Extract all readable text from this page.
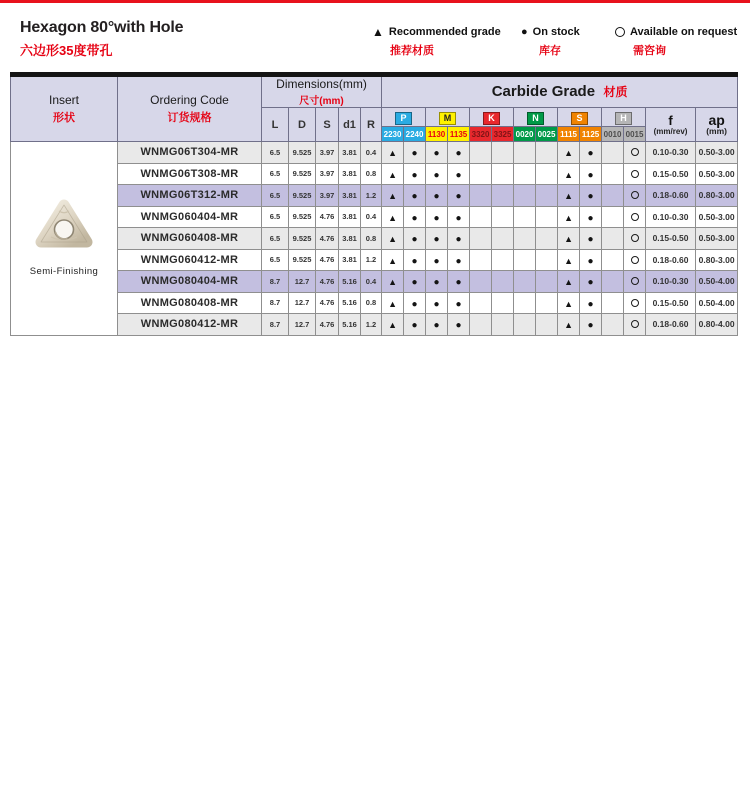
Hexagon 80°with Hole
六边形35度带孔
▲ Recommended grade
推荐材质
● On stock
库存
Available on request
需咨询
Insert
形状

Ordering Code
订货规格

Dimensions(mm)
尺寸(mm)
	Carbide Grade 材质
L	D	S	d1	R	P	M	K	N	S	H	f
(mm/rev)

ap
(mm)

							2230	2240	1130	1135	3320	3325	0020	0025	1115	1125	0010	0015		

Semi-Finishing	WNMG06T304-MR	6.5	9.525	3.97	3.81	0.4	▲	●	●	●					▲	●			0.10-0.30	0.50-3.00
	WNMG06T308-MR	6.5	9.525	3.97	3.81	0.8	▲	●	●	●					▲	●			0.15-0.50	0.50-3.00
	WNMG06T312-MR	6.5	9.525	3.97	3.81	1.2	▲	●	●	●					▲	●			0.18-0.60	0.80-3.00
	WNMG060404-MR	6.5	9.525	4.76	3.81	0.4	▲	●	●	●					▲	●			0.10-0.30	0.50-3.00
	WNMG060408-MR	6.5	9.525	4.76	3.81	0.8	▲	●	●	●					▲	●			0.15-0.50	0.50-3.00
	WNMG060412-MR	6.5	9.525	4.76	3.81	1.2	▲	●	●	●					▲	●			0.18-0.60	0.80-3.00
	WNMG080404-MR	8.7	12.7	4.76	5.16	0.4	▲	●	●	●					▲	●			0.10-0.30	0.50-4.00
	WNMG080408-MR	8.7	12.7	4.76	5.16	0.8	▲	●	●	●					▲	●			0.15-0.50	0.50-4.00
	WNMG080412-MR	8.7	12.7	4.76	5.16	1.2	▲	●	●	●					▲	●			0.18-0.60	0.80-4.00
